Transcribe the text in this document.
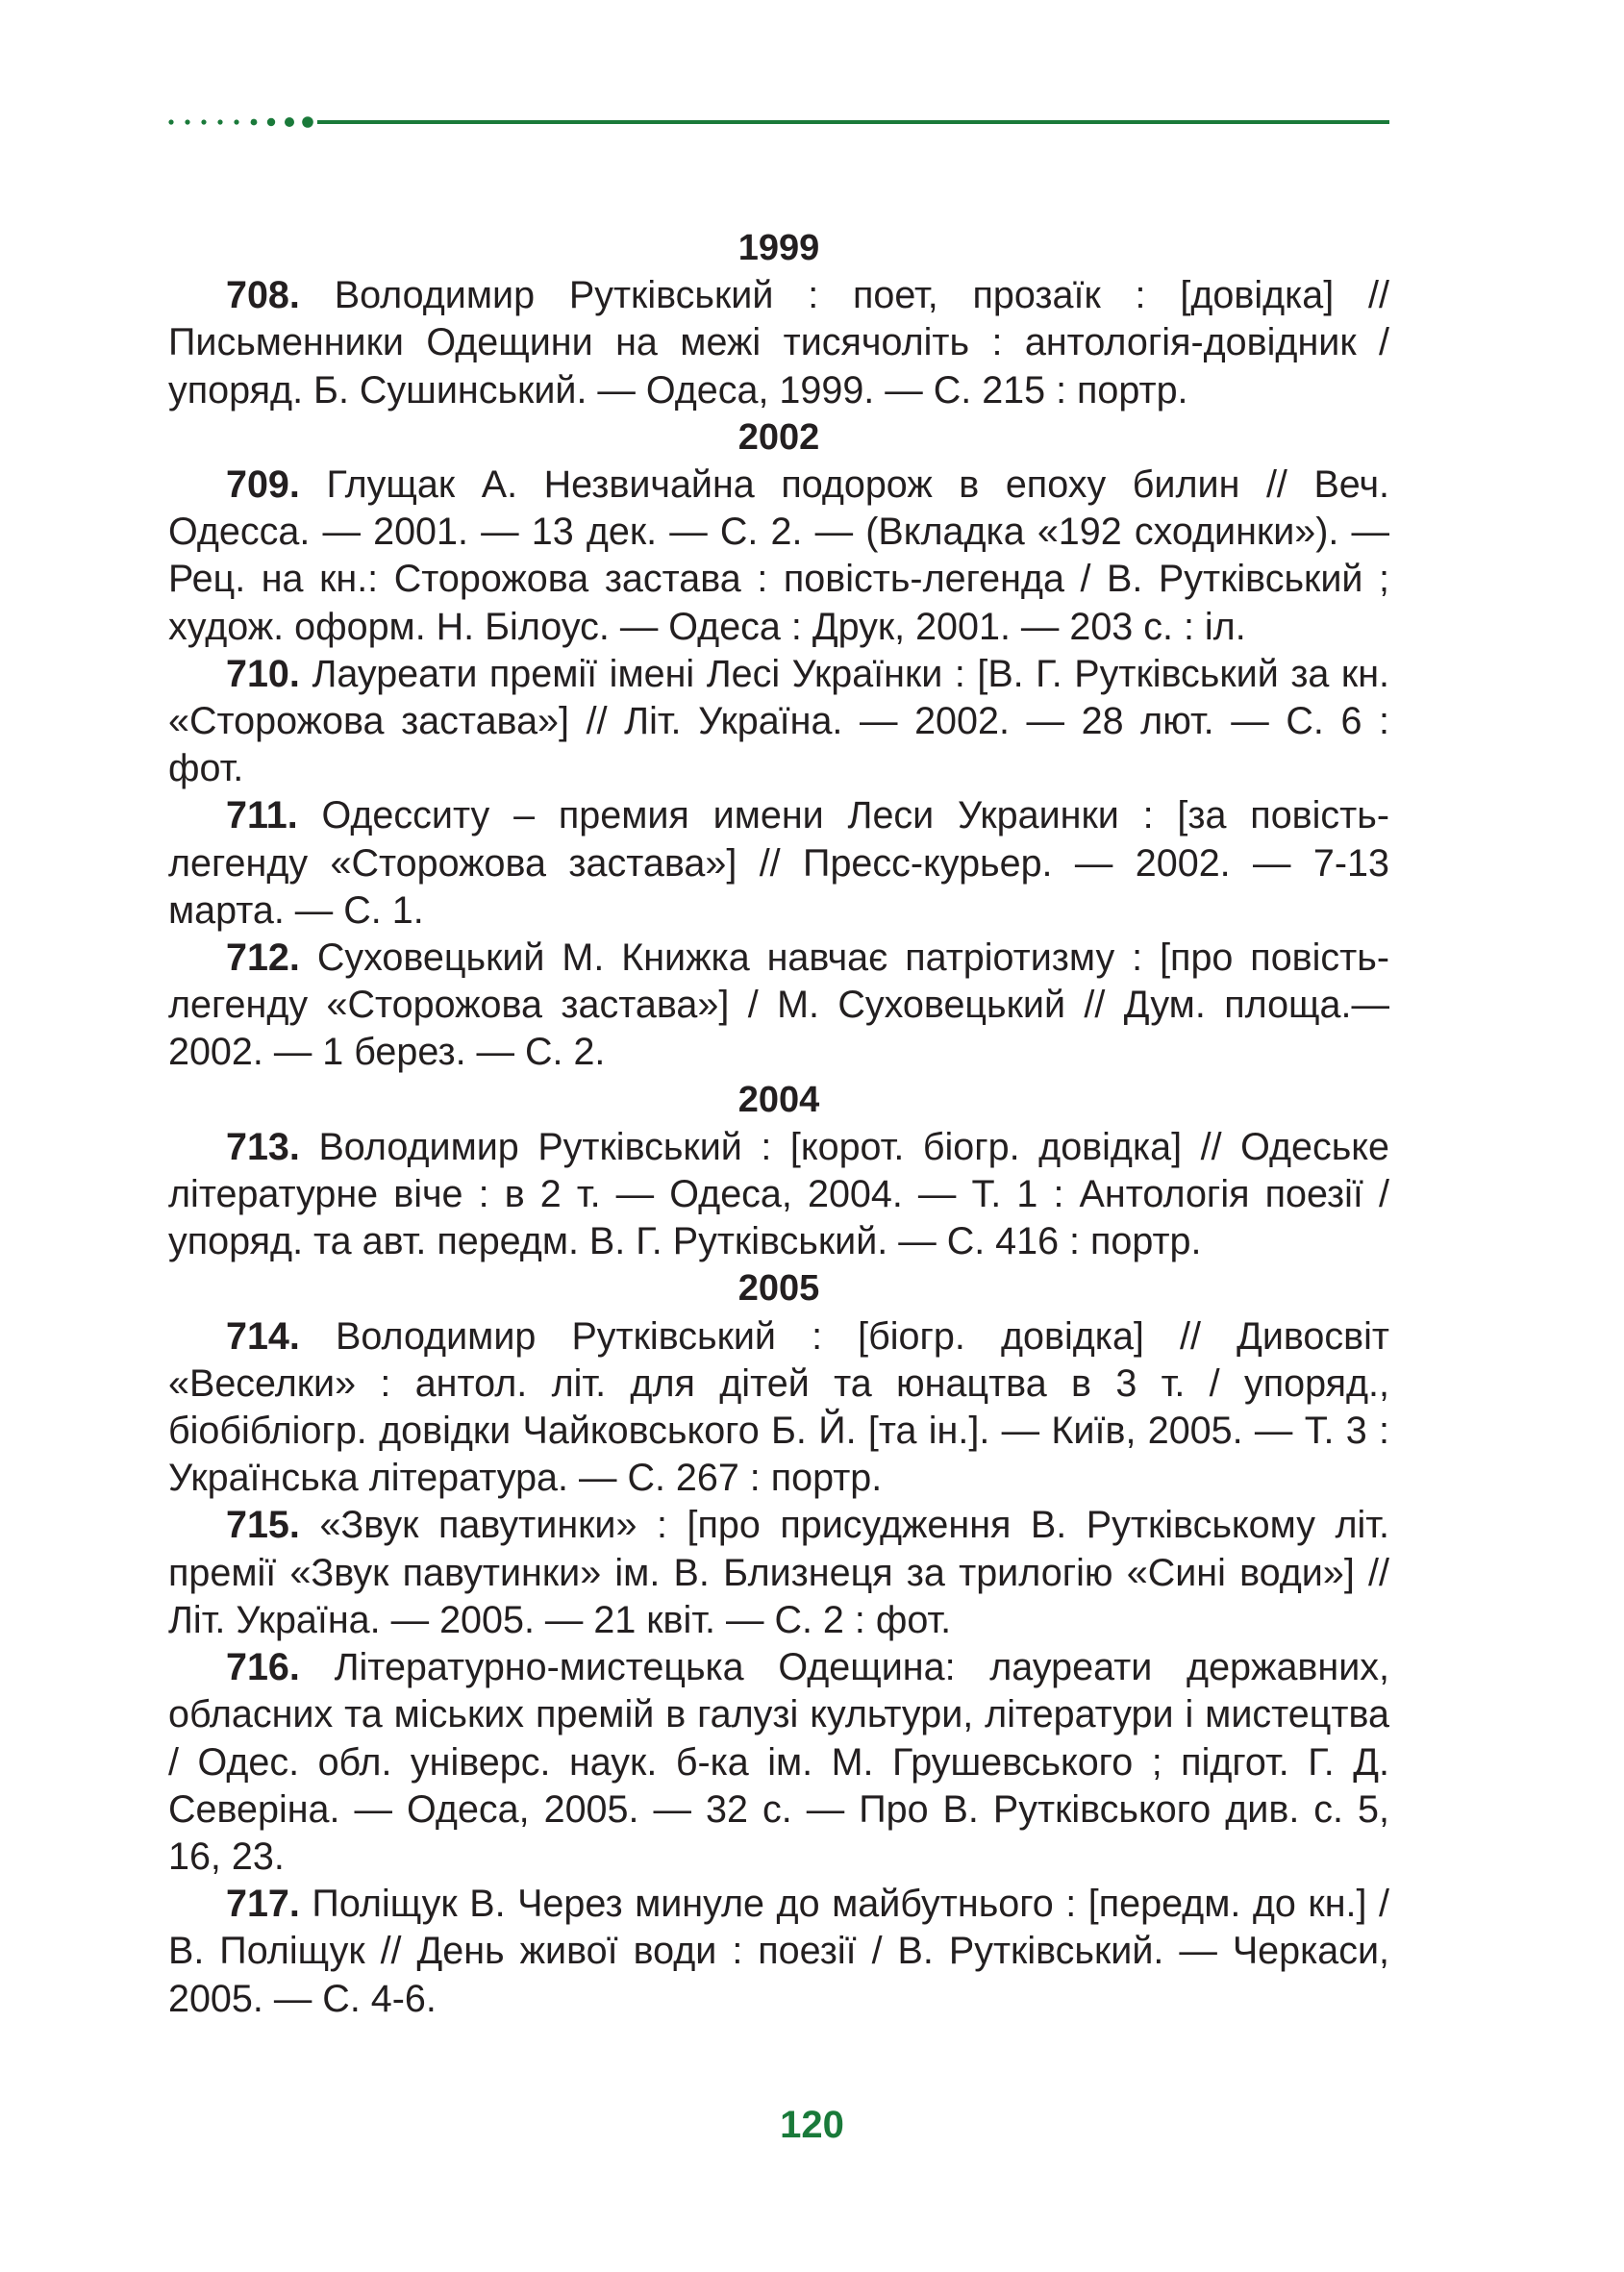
1999

708. Володимир Рутківський : поет, прозаїк : [довідка] // Письменники Одещини на межі тисячоліть : антологія-довідник / упоряд. Б. Сушинський. — Одеса, 1999. — С. 215 : портр.

2002

709. Глущак А. Незвичайна подорож в епоху билин // Веч. Одесса. — 2001. — 13 дек. — С. 2. — (Вкладка «192 сходинки»). — Рец. на кн.: Сторожова застава : повість-легенда / В. Рутківський ; худож. оформ. Н. Білоус. — Одеса : Друк, 2001. — 203 с. : іл.

710. Лауреати премії імені Лесі Українки : [В. Г. Рутківський за кн. «Сторожова застава»] // Літ. Україна. — 2002. — 28 лют. — С. 6 : фот.

711. Одесситу – премия имени Леси Украинки : [за повість-легенду «Сторожова застава»] // Пресс-курьер. — 2002. — 7-13 марта. — С. 1.

712. Суховецький М. Книжка навчає патріотизму : [про повість-легенду «Сторожова застава»] / М. Суховецький // Дум. площа.— 2002. — 1 берез. — С. 2.

2004

713. Володимир Рутківський : [корот. біогр. довідка] // Одеське літературне віче : в 2 т. — Одеса, 2004. — Т. 1 : Антологія поезії / упоряд. та авт. передм. В. Г. Рутківський. — С. 416 : портр.

2005

714. Володимир Рутківський : [біогр. довідка] // Дивосвіт «Веселки» : антол. літ. для дітей та юнацтва в 3 т. / упоряд., біобібліогр. довідки Чайковського Б. Й. [та ін.]. — Київ, 2005. — Т. 3 : Українська література. — С. 267 : портр.

715. «Звук павутинки» : [про присудження В. Рутківському літ. премії «Звук павутинки» ім. В. Близнеця за трилогію «Сині води»] // Літ. Україна. — 2005. — 21 квіт. — С. 2 : фот.

716. Літературно-мистецька Одещина: лауреати державних, обласних та міських премій в галузі культури, літератури і мистецтва / Одес. обл. універс. наук. б-ка ім. М. Грушевського ; підгот. Г. Д. Северіна. — Одеса, 2005. — 32 с. — Про В. Рутківського див. с. 5, 16, 23.

717. Поліщук В. Через минуле до майбутнього : [передм. до кн.] / В. Поліщук // День живої води : поезії / В. Рутківський. — Черкаси, 2005. — С. 4-6.

120
